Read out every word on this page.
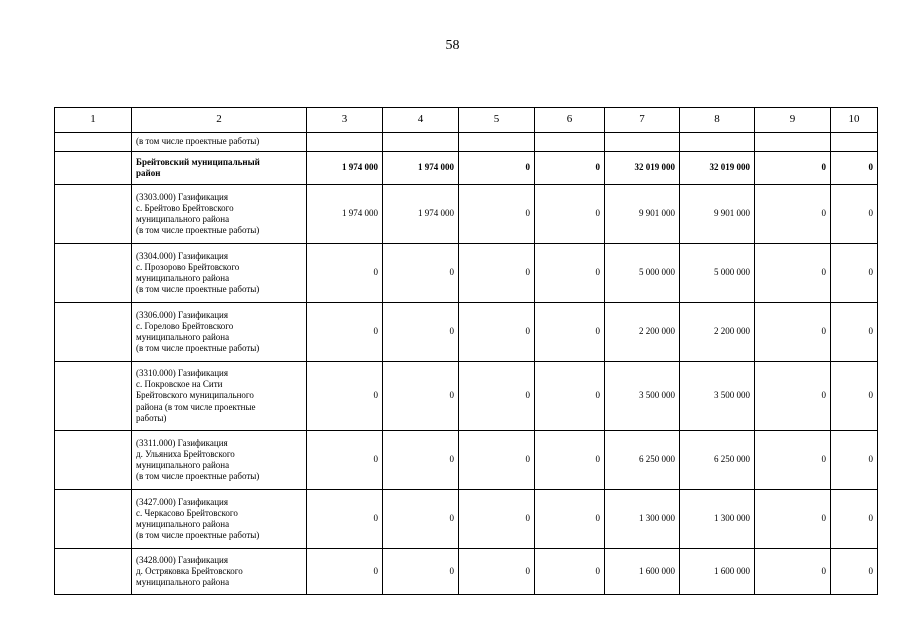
58
1	2	3	4	5	6	7	8	9	10

	(в том числе проектные работы)								

	Брейтовский муниципальный
район	1 974 000	1 974 000	0	0	32 019 000	32 019 000	0	0

	(3303.000) Газификация
с. Брейтово Брейтовского
муниципального района
(в том числе проектные работы)	1 974 000	1 974 000	0	0	9 901 000	9 901 000	0	0

	(3304.000) Газификация
с. Прозорово Брейтовского
муниципального района
(в том числе проектные работы)	0	0	0	0	5 000 000	5 000 000	0	0

	(3306.000) Газификация
с. Горелово Брейтовского
муниципального района
(в том числе проектные работы)	0	0	0	0	2 200 000	2 200 000	0	0

	(3310.000) Газификация
с. Покровское на Сити
Брейтовского муниципального
района (в том числе проектные
работы)	0	0	0	0	3 500 000	3 500 000	0	0

	(3311.000) Газификация
д. Ульяниха Брейтовского
муниципального района
(в том числе проектные работы)	0	0	0	0	6 250 000	6 250 000	0	0

	(3427.000) Газификация
с. Черкасово Брейтовского
муниципального района
(в том числе проектные работы)	0	0	0	0	1 300 000	1 300 000	0	0

	(3428.000) Газификация
д. Остряковка Брейтовского
муниципального района	0	0	0	0	1 600 000	1 600 000	0	0
